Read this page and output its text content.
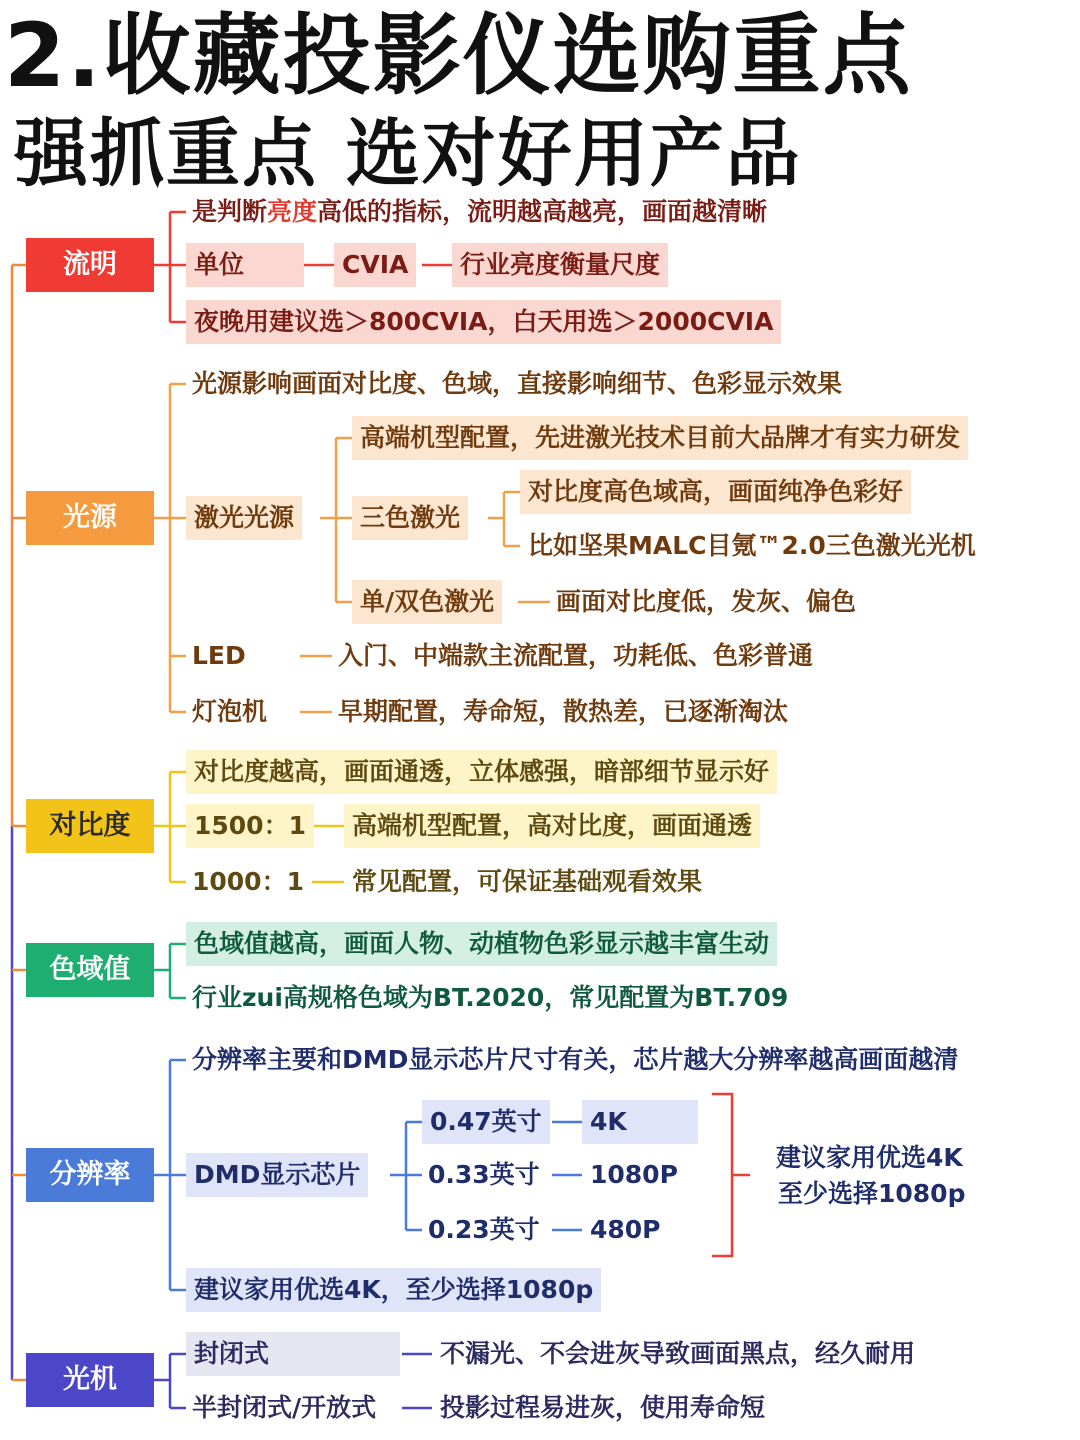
2.收藏投影仪选购重点
强抓重点 选对好用产品
流明
是判断亮度高低的指标，流明越高越亮，画面越清晰
单位	CVIA	行业亮度衡量尺度
夜晚用建议选＞800CVIA，白天用选＞2000CVIA
光源
光源影响画面对比度、色域，直接影响细节、色彩显示效果
激光光源
高端机型配置，先进激光技术目前大品牌才有实力研发
三色激光
对比度高色域高，画面纯净色彩好
比如坚果MALC目氪™2.0三色激光光机
单/双色激光	画面对比度低，发灰、偏色
LED	入门、中端款主流配置，功耗低、色彩普通
灯泡机	早期配置，寿命短，散热差，已逐渐淘汰
对比度
对比度越高，画面通透，立体感强，暗部细节显示好
1500：1	高端机型配置，高对比度，画面通透
1000：1 常见配置，可保证基础观看效果
色域值
色域值越高，画面人物、动植物色彩显示越丰富生动
行业zui高规格色域为BT.2020，常见配置为BT.709
分辨率
分辨率主要和DMD显示芯片尺寸有关，芯片越大分辨率越高画面越清
DMD显示芯片
0.47英寸	4K
0.33英寸 1080P
0.23英寸 480P
建议家用优选4K
至少选择1080p
建议家用优选4K，至少选择1080p
光机
封闭式	不漏光、不会进灰导致画面黑点，经久耐用
半封闭式/开放式	投影过程易进灰，使用寿命短
